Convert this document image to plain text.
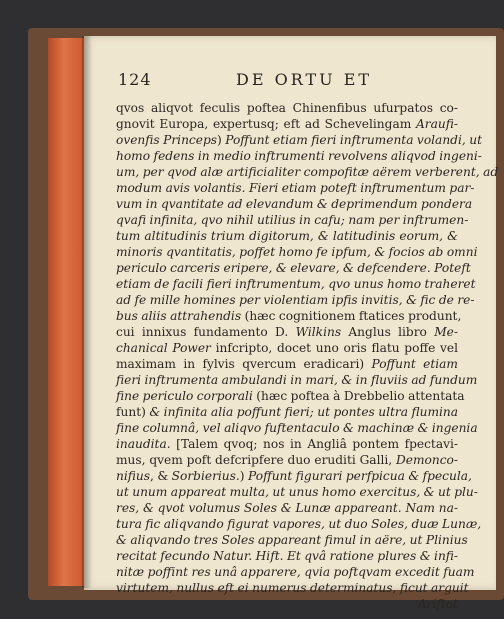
124	DE ORTU ET
qvos aliqvot feculis poftea Chinenfibus ufurpatos co-
gnovit Europa, expertusq; eft ad Schevelingam Araufi-
ovenfis Princeps) Poffunt etiam fieri inftrumenta volandi, ut
homo fedens in medio inftrumenti revolvens aliqvod ingeni-
um, per qvod alæ artificialiter compofitæ aërem verberent, ad
modum avis volantis. Fieri etiam poteft inftrumentum par-
vum in qvantitate ad elevandum & deprimendum pondera
qvafi infinita, qvo nihil utilius in cafu; nam per inftrumen-
tum altitudinis trium digitorum, & latitudinis eorum, &
minoris qvantitatis, poffet homo fe ipfum, & focios ab omni
periculo carceris eripere, & elevare, & defcendere. Poteft
etiam de facili fieri inftrumentum, qvo unus homo traheret
ad fe mille homines per violentiam ipfis invitis, & fic de re-
bus aliis attrahendis (hæc cognitionem ftatices produnt,
cui innixus fundamento D. Wilkins Anglus libro Me-
chanical Power infcripto, docet uno oris flatu poffe vel
maximam in fylvis qvercum eradicari) Poffunt etiam
fieri inftrumenta ambulandi in mari, & in fluviis ad fundum
fine periculo corporali (hæc poftea à Drebbelio attentata
funt) & infinita alia poffunt fieri; ut pontes ultra flumina
fine columnâ, vel aliqvo fuftentaculo & machinæ & ingenia
inaudita. [Talem qvoq; nos in Angliâ pontem fpectavi-
mus, qvem poft defcripfere duo eruditi Galli, Demonco-
nifius, & Sorbierius.) Poffunt figurari perfpicua & fpecula,
ut unum appareat multa, ut unus homo exercitus, & ut plu-
res, & qvot volumus Soles & Lunæ appareant. Nam na-
tura fic aliqvando figurat vapores, ut duo Soles, duæ Lunæ,
& aliqvando tres Soles appareant fimul in aëre, ut Plinius
recitat fecundo Natur. Hift. Et qvâ ratione plures & infi-
nitæ poffint res unâ apparere, qvia poftqvam excedit fuam
virtutem, nullus eft ei numerus determinatus, ficut arguit
Ariftot
